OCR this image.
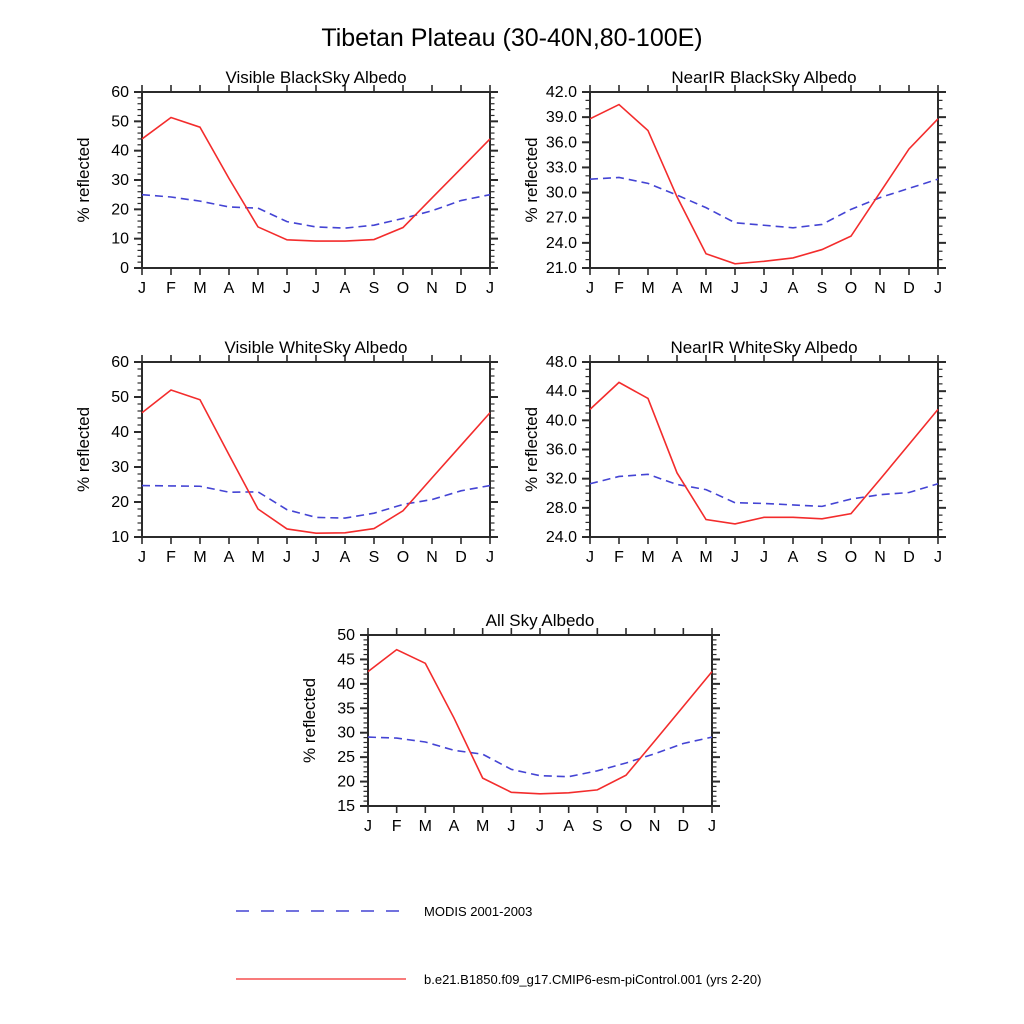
Tibetan Plateau (30-40N,80-100E)
J F M A M J J A S O N D J
0
10
20
30
40
50
60
Visible BlackSky Albedo
% reflected
J F M A M J J A S O N D J
21.0
24.0
27.0
30.0
33.0
36.0
39.0
42.0
NearIR BlackSky Albedo
% reflected
J F M A M J J A S O N D J
10
20
30
40
50
60
Visible WhiteSky Albedo
% reflected
J F M A M J J A S O N D J
24.0
28.0
32.0
36.0
40.0
44.0
48.0
NearIR WhiteSky Albedo
% reflected
J F M A M J J A S O N D J
15
20
25
30
35
40
45
50
All Sky Albedo
% reflected
MODIS 2001-2003
b.e21.B1850.f09_g17.CMIP6-esm-piControl.001 (yrs 2-20)
